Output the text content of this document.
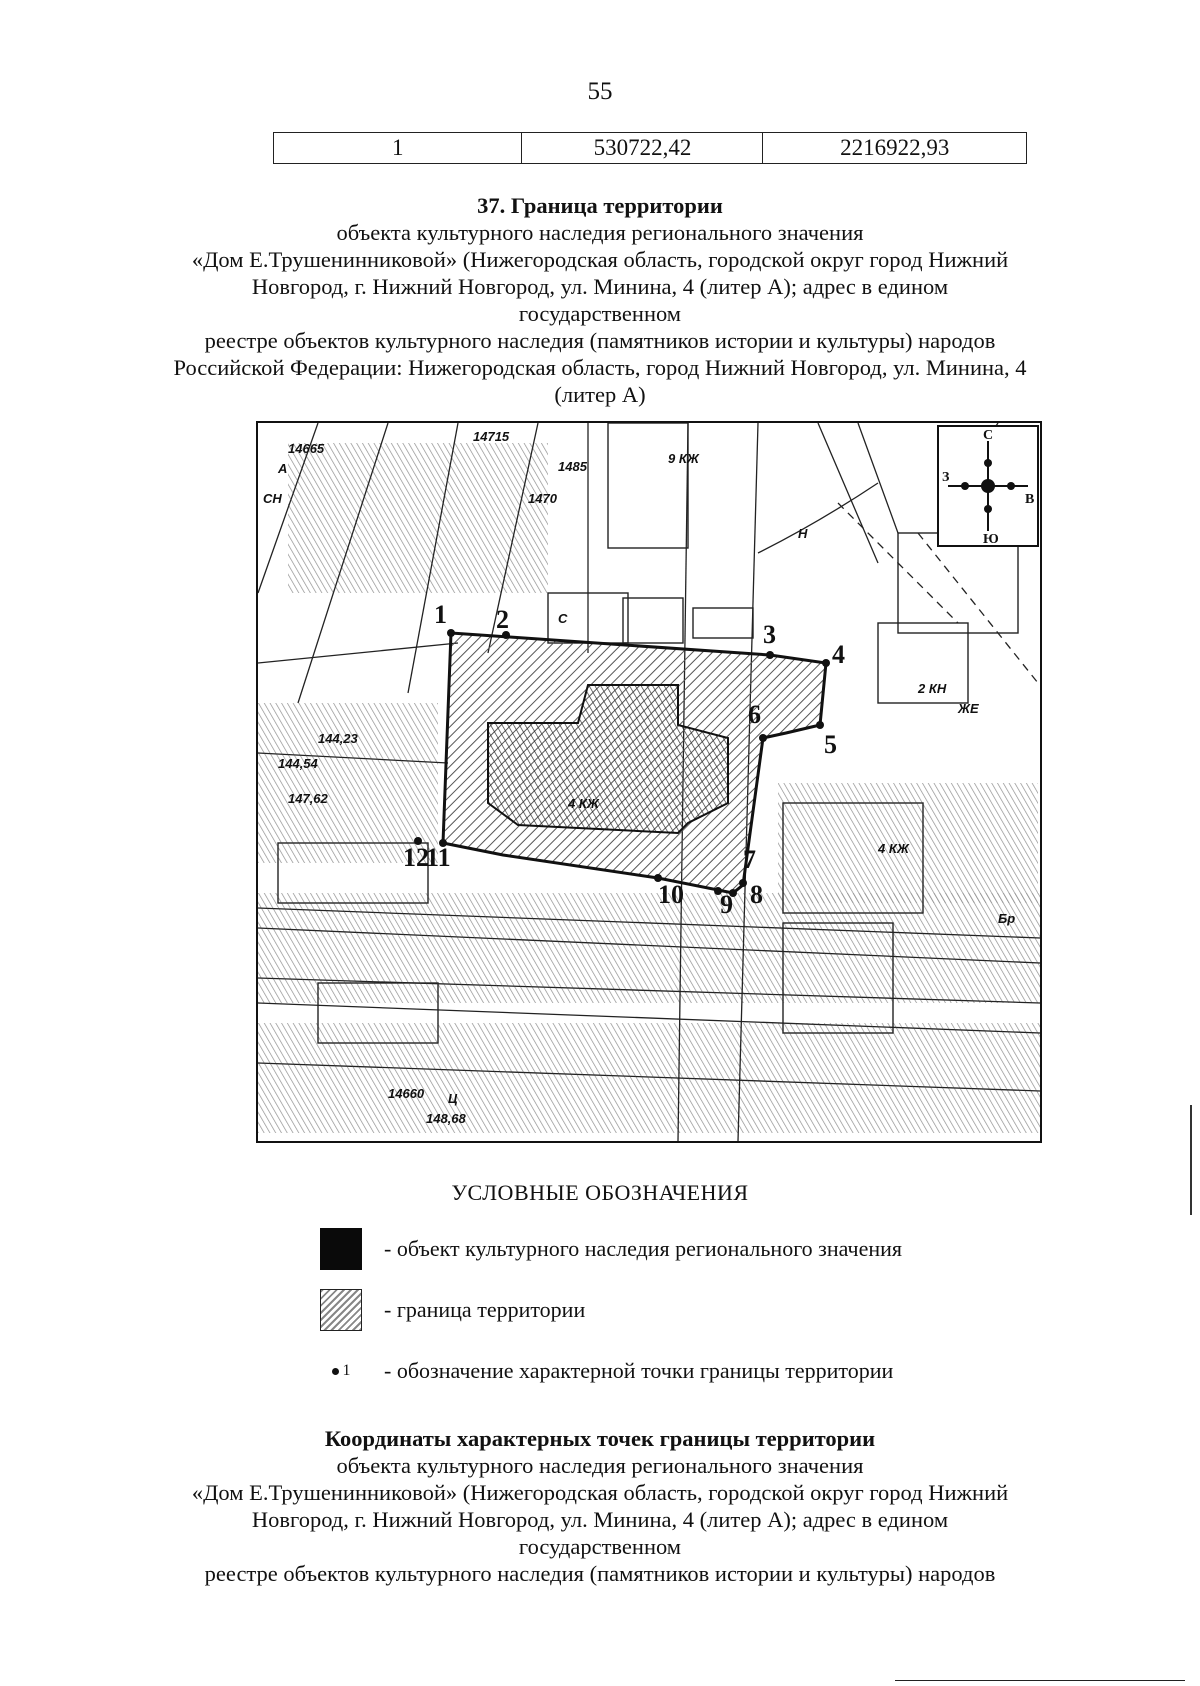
55
1	530722,42	2216922,93
37. Граница территории
объекта культурного наследия регионального значения
«Дом Е.Трушенинниковой» (Нижегородская область, городской округ город Нижний
Новгород, г. Нижний Новгород, ул. Минина, 4 (литер А); адрес в едином государственном
реестре объектов культурного наследия (памятников истории и культуры) народов
Российской Федерации: Нижегородская область, город Нижний Новгород, ул. Минина, 4
(литер А)
1 2
3
4
5
6
7
8
9
10
11
12
14665
14715
1485
1470
144,23
144,54
147,62
4 КЖ
2 КН
9 КЖ
4 КЖ
14660
148,68
Ц
А
Н
ЖЕ
С
СН
Бр
С
Ю
В
З
УСЛОВНЫЕ ОБОЗНАЧЕНИЯ
- объект культурного наследия регионального значения
- граница территории
1	- обозначение характерной точки границы территории
Координаты характерных точек границы территории
объекта культурного наследия регионального значения
«Дом Е.Трушенинниковой» (Нижегородская область, городской округ город Нижний
Новгород, г. Нижний Новгород, ул. Минина, 4 (литер А); адрес в едином государственном
реестре объектов культурного наследия (памятников истории и культуры) народов
